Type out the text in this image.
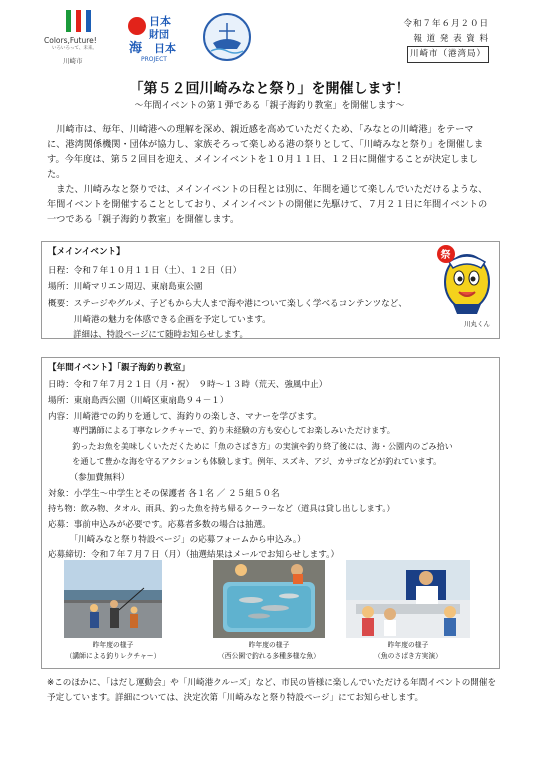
Colors,Future!
いろいろって、未来。
川崎市
日本
財団
海 日本
PROJECT
令和７年６月２０日
報 道 発 表 資 料
川崎市（港湾局）
「第５２回川崎みなと祭り」を開催します！
～年間イベントの第１弾である「親子海釣り教室」を開催します～
川崎市は、毎年、川崎港への理解を深め、親近感を高めていただくため、「みなとの川崎港」をテーマに、港湾関係機関・団体が協力し、家族そろって楽しめる港の祭りとして、「川崎みなと祭り」を開催します。今年度は、第５２回目を迎え、メインイベントを１０月１１日、１２日に開催することが決定しました。
また、川崎みなと祭りでは、メインイベントの日程とは別に、年間を通じて楽しんでいただけるような、年間イベントを開催することとしており、メインイベントの開催に先駆けて、７月２１日に年間イベントの一つである「親子海釣り教室」を開催します。
【メインイベント】
日程：令和７年１０月１１日（土）、１２日（日）
場所：川崎マリエン周辺、東扇島東公園
概要：ステージやグルメ、子どもから大人まで海や港について楽しく学べるコンテンツなど、
　　　川崎港の魅力を体感できる企画を予定しています。
　　　詳細は、特設ページにて随時お知らせします。
祭
川丸くん
【年間イベント】「親子海釣り教室」
日時：令和７年７月２１日（月・祝）　９時～１３時（荒天、強風中止）
場所：東扇島西公園（川崎区東扇島９４－１）
内容：川崎港での釣りを通して、海釣りの楽しさ、マナーを学びます。
　　　専門講師による丁寧なレクチャーで、釣り未経験の方も安心してお楽しみいただけます。
　　　釣ったお魚を美味しくいただくために「魚のさばき方」の実演や釣り終了後には、海・公園内のごみ拾い
　　　を通して豊かな海を守るアクションも体験します。例年、スズキ、アジ、カサゴなどが釣れています。
　　　（参加費無料）
対象：小学生～中学生とその保護者 各１名 ／ ２５組５０名
持ち物：飲み物、タオル、雨具、釣った魚を持ち帰るクーラーなど（道具は貸し出しします。）
応募：事前申込みが必要です。応募者多数の場合は抽選。
　　　「川崎みなと祭り特設ページ」の応募フォームから申込み。）
応募締切：令和７年７月７日（月）（抽選結果はメールでお知らせします。）
昨年度の様子
（講師による釣りレクチャー）
昨年度の様子
（西公園で釣れる多種多様な魚）
昨年度の様子
（魚のさばき方実演）
※このほかに、「はだし運動会」や「川崎港クルーズ」など、市民の皆様に楽しんでいただける年間イベントの開催を予定しています。詳細については、決定次第「川崎みなと祭り特設ページ」にてお知らせします。
